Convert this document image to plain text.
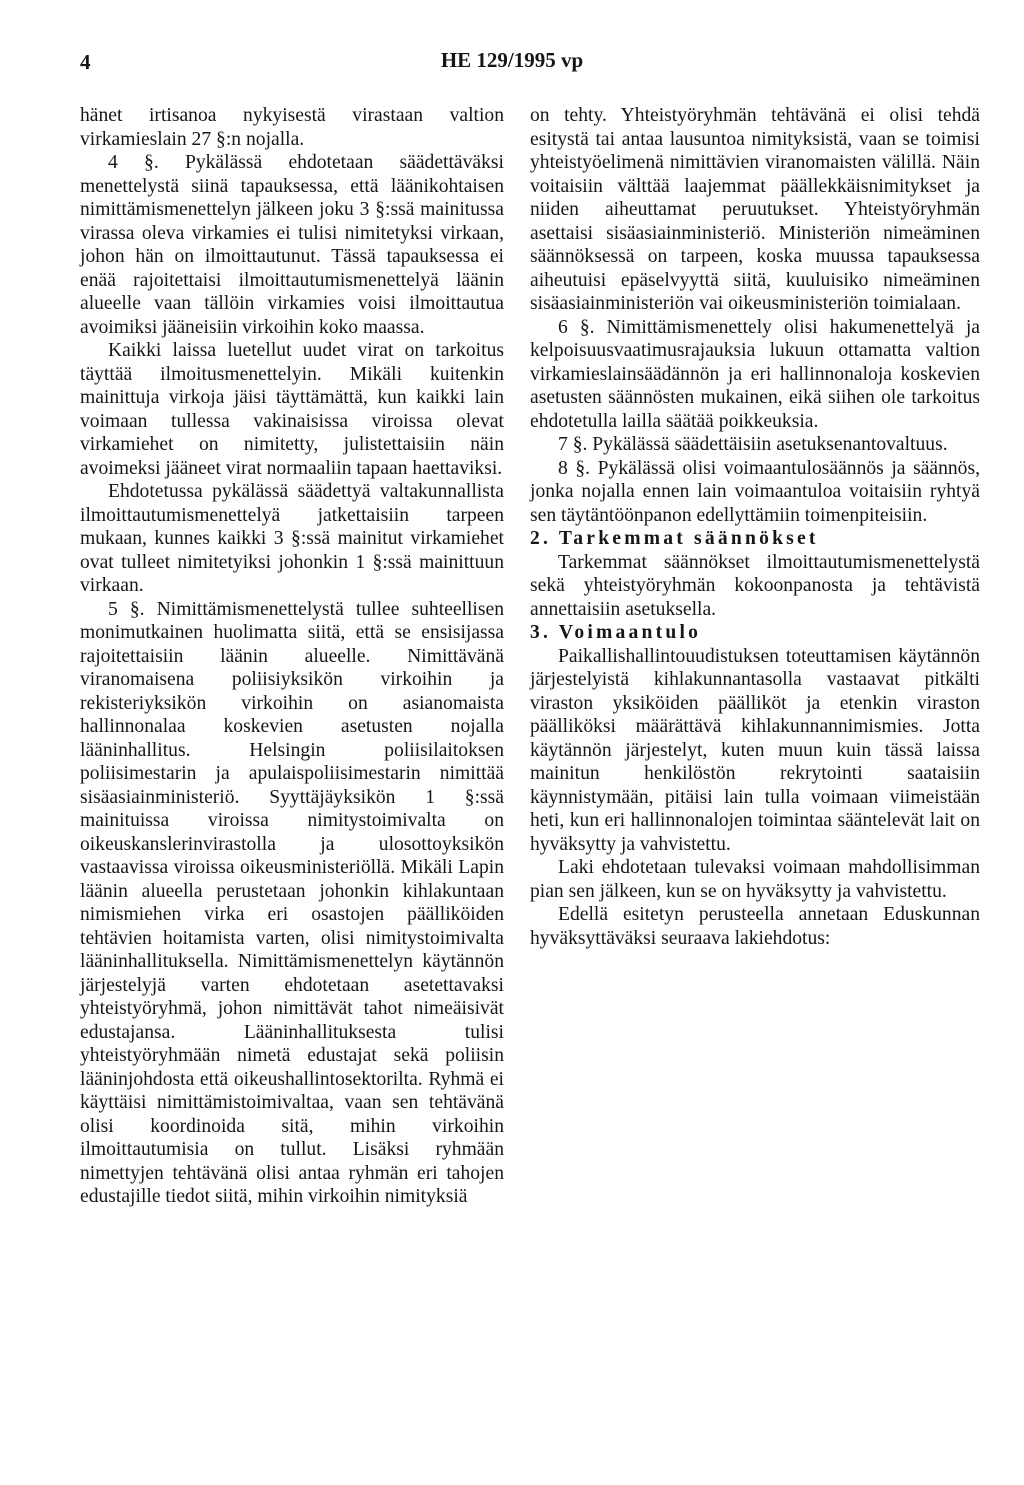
4	HE 129/1995 vp

hänet irtisanoa nykyisestä virastaan valtion virkamieslain 27 §:n nojalla.

4 §. Pykälässä ehdotetaan säädettäväksi menettelystä siinä tapauksessa, että läänikohtaisen nimittämismenettelyn jälkeen joku 3 §:ssä mainitussa virassa oleva virkamies ei tulisi nimitetyksi virkaan, johon hän on ilmoittautunut. Tässä tapauksessa ei enää rajoitettaisi ilmoittautumismenettelyä läänin alueelle vaan tällöin virkamies voisi ilmoittautua avoimiksi jääneisiin virkoihin koko maassa.

Kaikki laissa luetellut uudet virat on tarkoitus täyttää ilmoitusmenettelyin. Mikäli kuitenkin mainittuja virkoja jäisi täyttämättä, kun kaikki lain voimaan tullessa vakinaisissa viroissa olevat virkamiehet on nimitetty, julistettaisiin näin avoimeksi jääneet virat normaaliin tapaan haettaviksi.

Ehdotetussa pykälässä säädettyä valtakunnallista ilmoittautumismenettelyä jatkettaisiin tarpeen mukaan, kunnes kaikki 3 §:ssä mainitut virkamiehet ovat tulleet nimitetyiksi johonkin 1 §:ssä mainittuun virkaan.

5 §. Nimittämismenettelystä tullee suhteellisen monimutkainen huolimatta siitä, että se ensisijassa rajoitettaisiin läänin alueelle. Nimittävänä viranomaisena poliisiyksikön virkoihin ja rekisteriyksikön virkoihin on asianomaista hallinnonalaa koskevien asetusten nojalla lääninhallitus. Helsingin poliisilaitoksen poliisimestarin ja apulaispoliisimestarin nimittää sisäasiainministeriö. Syyttäjäyksikön 1 §:ssä mainituissa viroissa nimitystoimivalta on oikeuskanslerinvirastolla ja ulosottoyksikön vastaavissa viroissa oikeusministeriöllä. Mikäli Lapin läänin alueella perustetaan johonkin kihlakuntaan nimismiehen virka eri osastojen päälliköiden tehtävien hoitamista varten, olisi nimitystoimivalta lääninhallituksella. Nimittämismenettelyn käytännön järjestelyjä varten ehdotetaan asetettavaksi yhteistyöryhmä, johon nimittävät tahot nimeäisivät edustajansa. Lääninhallituksesta tulisi yhteistyöryhmään nimetä edustajat sekä poliisin lääninjohdosta että oikeushallintosektorilta. Ryhmä ei käyttäisi nimittämistoimivaltaa, vaan sen tehtävänä olisi koordinoida sitä, mihin virkoihin ilmoittautumisia on tullut. Lisäksi ryhmään nimettyjen tehtävänä olisi antaa ryhmän eri tahojen edustajille tiedot siitä, mihin virkoihin nimityksiä

on tehty. Yhteistyöryhmän tehtävänä ei olisi tehdä esitystä tai antaa lausuntoa nimityksistä, vaan se toimisi yhteistyöelimenä nimittävien viranomaisten välillä. Näin voitaisiin välttää laajemmat päällekkäisnimitykset ja niiden aiheuttamat peruutukset. Yhteistyöryhmän asettaisi sisäasiainministeriö. Ministeriön nimeäminen säännöksessä on tarpeen, koska muussa tapauksessa aiheutuisi epäselvyyttä siitä, kuuluisiko nimeäminen sisäasiainministeriön vai oikeusministeriön toimialaan.

6 §. Nimittämismenettely olisi hakumenettelyä ja kelpoisuusvaatimusrajauksia lukuun ottamatta valtion virkamieslainsäädännön ja eri hallinnonaloja koskevien asetusten säännösten mukainen, eikä siihen ole tarkoitus ehdotetulla lailla säätää poikkeuksia.

7 §. Pykälässä säädettäisiin asetuksenantovaltuus.

8 §. Pykälässä olisi voimaantulosäännös ja säännös, jonka nojalla ennen lain voimaantuloa voitaisiin ryhtyä sen täytäntöönpanon edellyttämiin toimenpiteisiin.

2. Tarkemmat säännökset

Tarkemmat säännökset ilmoittautumismenettelystä sekä yhteistyöryhmän kokoonpanosta ja tehtävistä annettaisiin asetuksella.

3. Voimaantulo

Paikallishallintouudistuksen toteuttamisen käytännön järjestelyistä kihlakunnantasolla vastaavat pitkälti viraston yksiköiden päälliköt ja etenkin viraston päälliköksi määrättävä kihlakunnannimismies. Jotta käytännön järjestelyt, kuten muun kuin tässä laissa mainitun henkilöstön rekrytointi saataisiin käynnistymään, pitäisi lain tulla voimaan viimeistään heti, kun eri hallinnonalojen toimintaa sääntelevät lait on hyväksytty ja vahvistettu.

Laki ehdotetaan tulevaksi voimaan mahdollisimman pian sen jälkeen, kun se on hyväksytty ja vahvistettu.

Edellä esitetyn perusteella annetaan Eduskunnan hyväksyttäväksi seuraava lakiehdotus:
